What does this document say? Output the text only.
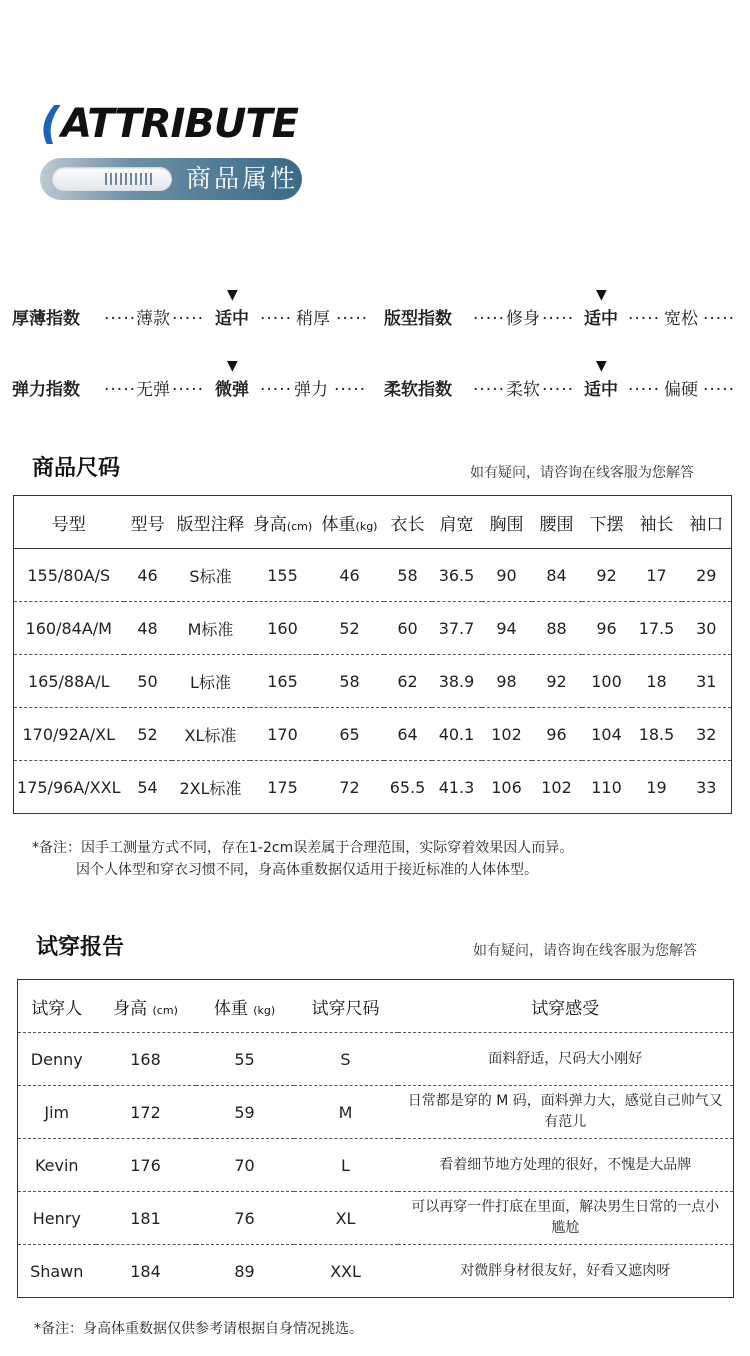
( ATTRIBUTE
商品属性
厚薄指数 ····· 薄款 ·····
▼
适中 ····· 稍厚 ····· 版型指数 ····· 修身 ·····
▼
适中 ····· 宽松 ·····
弹力指数 ····· 无弹 ·····
▼
微弹 ····· 弹力 ····· 柔软指数 ····· 柔软 ·····
▼
适中 ····· 偏硬 ·····
商品尺码	如有疑问，请咨询在线客服为您解答
号型	型号	版型注释	身高(cm)	体重(kg)	衣长	肩宽	胸围	腰围	下摆	袖长	袖口
155/80A/S	46	S标准	155	46	58	36.5	90	84	92	17	29
160/84A/M	48	M标准	160	52	60	37.7	94	88	96	17.5	30
165/88A/L	50	L标准	165	58	62	38.9	98	92	100	18	31
170/92A/XL	52	XL标准	170	65	64	40.1	102	96	104	18.5	32
175/96A/XXL	54	2XL标准	175	72	65.5	41.3	106	102	110	19	33
*备注：因手工测量方式不同，存在1-2cm误差属于合理范围，实际穿着效果因人而异。
因个人体型和穿衣习惯不同，身高体重数据仅适用于接近标准的人体体型。
试穿报告	如有疑问，请咨询在线客服为您解答
试穿人	身高 (cm)	体重 (kg)	试穿尺码	试穿感受
Denny	168	55	S	面料舒适，尺码大小刚好
Jim	172	59	M	日常都是穿的 M 码，面料弹力大，感觉自己帅气又有范儿
Kevin	176	70	L	看着细节地方处理的很好，不愧是大品牌
Henry	181	76	XL	可以再穿一件打底在里面，解决男生日常的一点小尴尬
Shawn	184	89	XXL	对微胖身材很友好，好看又遮肉呀
*备注：身高体重数据仅供参考请根据自身情况挑选。
